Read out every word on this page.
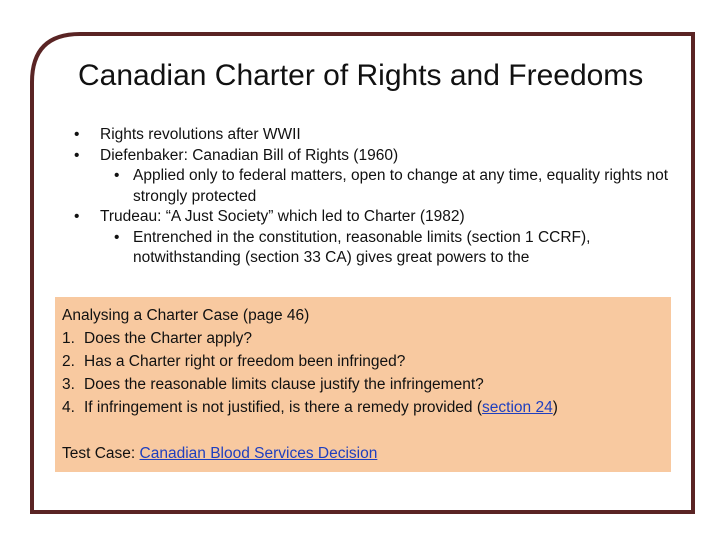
Canadian Charter of Rights and Freedoms
• Rights revolutions after WWII
• Diefenbaker: Canadian Bill of Rights (1960)
• Applied only to federal matters, open to change at any time, equality rights not strongly protected
• Trudeau: “A Just Society” which led to Charter (1982)
• Entrenched in the constitution, reasonable limits (section 1 CCRF), notwithstanding (section 33 CA) gives great powers to the
Analysing a Charter Case (page 46)
1. Does the Charter apply?
2. Has a Charter right or freedom been infringed?
3. Does the reasonable limits clause justify the infringement?
4. If infringement is not justified, is there a remedy provided (section 24)
Test Case: Canadian Blood Services Decision
